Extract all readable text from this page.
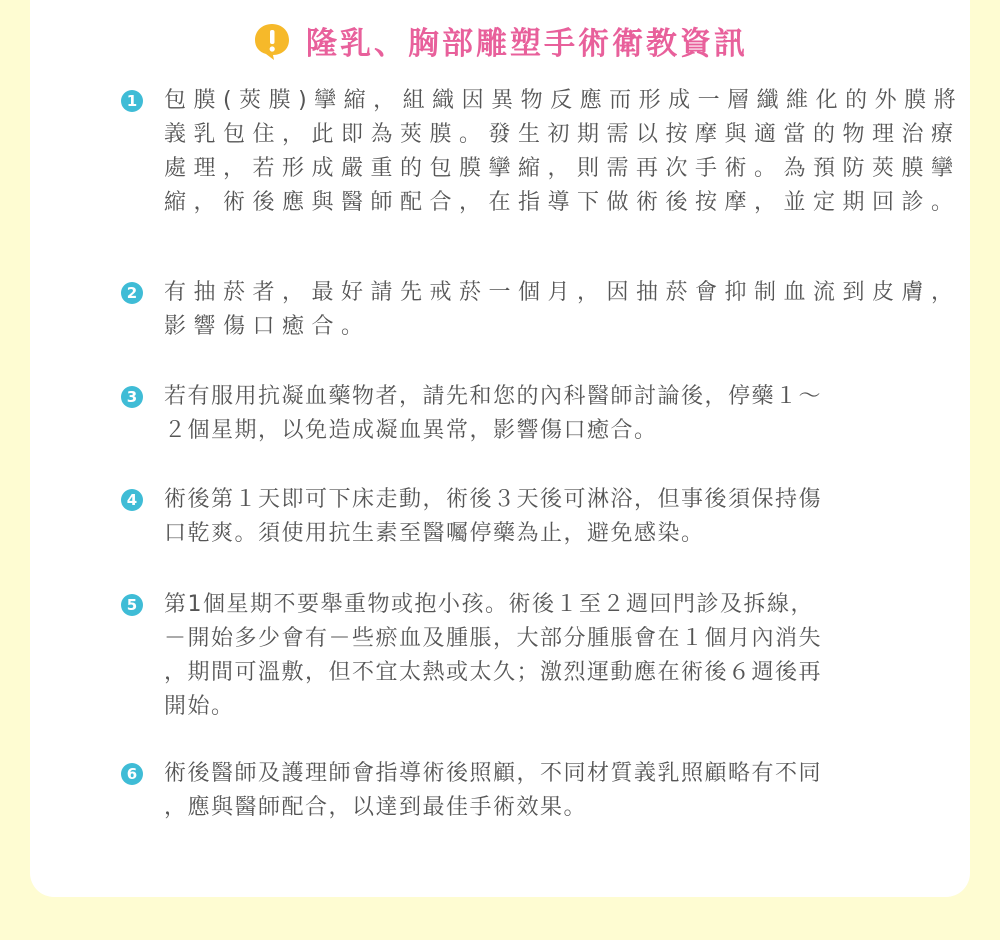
隆乳、胸部雕塑手術衛教資訊
1 包膜(莢膜)攣縮，組織因異物反應而形成一層纖維化的外膜將
義乳包住，此即為莢膜。發生初期需以按摩與適當的物理治療
處理，若形成嚴重的包膜攣縮，則需再次手術。為預防莢膜攣
縮，術後應與醫師配合，在指導下做術後按摩，並定期回診。
2 有抽菸者，最好請先戒菸一個月，因抽菸會抑制血流到皮膚，
影響傷口癒合。
3 若有服用抗凝血藥物者，請先和您的內科醫師討論後，停藥１～
２個星期，以免造成凝血異常，影響傷口癒合。
4 術後第１天即可下床走動，術後３天後可淋浴，但事後須保持傷
口乾爽。須使用抗生素至醫囑停藥為止，避免感染。
5 第1個星期不要舉重物或抱小孩。術後１至２週回門診及拆線，
－開始多少會有－些瘀血及腫脹，大部分腫脹會在１個月內消失
，期間可溫敷，但不宜太熱或太久；激烈運動應在術後６週後再
開始。
6 術後醫師及護理師會指導術後照顧，不同材質義乳照顧略有不同
，應與醫師配合，以達到最佳手術效果。
